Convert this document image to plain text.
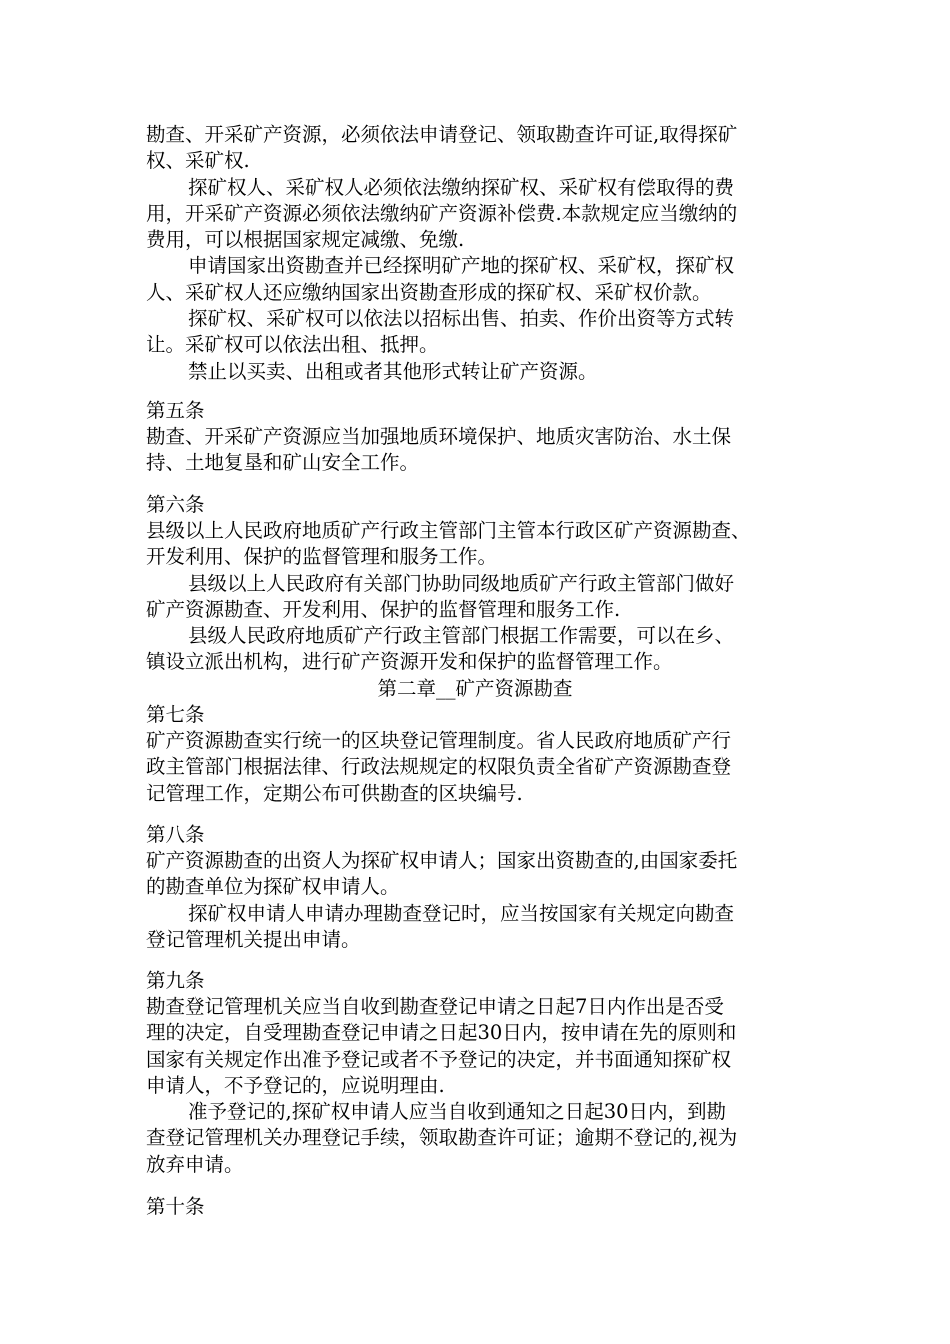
勘查、开采矿产资源，必须依法申请登记、领取勘查许可证,取得探矿
权、采矿权.
探矿权人、采矿权人必须依法缴纳探矿权、采矿权有偿取得的费
用，开采矿产资源必须依法缴纳矿产资源补偿费.本款规定应当缴纳的
费用，可以根据国家规定减缴、免缴.
申请国家出资勘查并已经探明矿产地的探矿权、采矿权，探矿权
人、采矿权人还应缴纳国家出资勘查形成的探矿权、采矿权价款。
探矿权、采矿权可以依法以招标出售、拍卖、作价出资等方式转
让。采矿权可以依法出租、抵押。
禁止以买卖、出租或者其他形式转让矿产资源。
第五条
勘查、开采矿产资源应当加强地质环境保护、地质灾害防治、水土保
持、土地复垦和矿山安全工作。
第六条
县级以上人民政府地质矿产行政主管部门主管本行政区矿产资源勘查、
开发利用、保护的监督管理和服务工作。
县级以上人民政府有关部门协助同级地质矿产行政主管部门做好
矿产资源勘查、开发利用、保护的监督管理和服务工作.
县级人民政府地质矿产行政主管部门根据工作需要，可以在乡、
镇设立派出机构，进行矿产资源开发和保护的监督管理工作。
第二章__矿产资源勘查
第七条
矿产资源勘查实行统一的区块登记管理制度。省人民政府地质矿产行
政主管部门根据法律、行政法规规定的权限负责全省矿产资源勘查登
记管理工作，定期公布可供勘查的区块编号.
第八条
矿产资源勘查的出资人为探矿权申请人；国家出资勘查的,由国家委托
的勘查单位为探矿权申请人。
探矿权申请人申请办理勘查登记时，应当按国家有关规定向勘查
登记管理机关提出申请。
第九条
勘查登记管理机关应当自收到勘查登记申请之日起7日内作出是否受
理的决定，自受理勘查登记申请之日起30日内，按申请在先的原则和
国家有关规定作出准予登记或者不予登记的决定，并书面通知探矿权
申请人，不予登记的，应说明理由.
准予登记的,探矿权申请人应当自收到通知之日起30日内，到勘
查登记管理机关办理登记手续，领取勘查许可证；逾期不登记的,视为
放弃申请。
第十条
